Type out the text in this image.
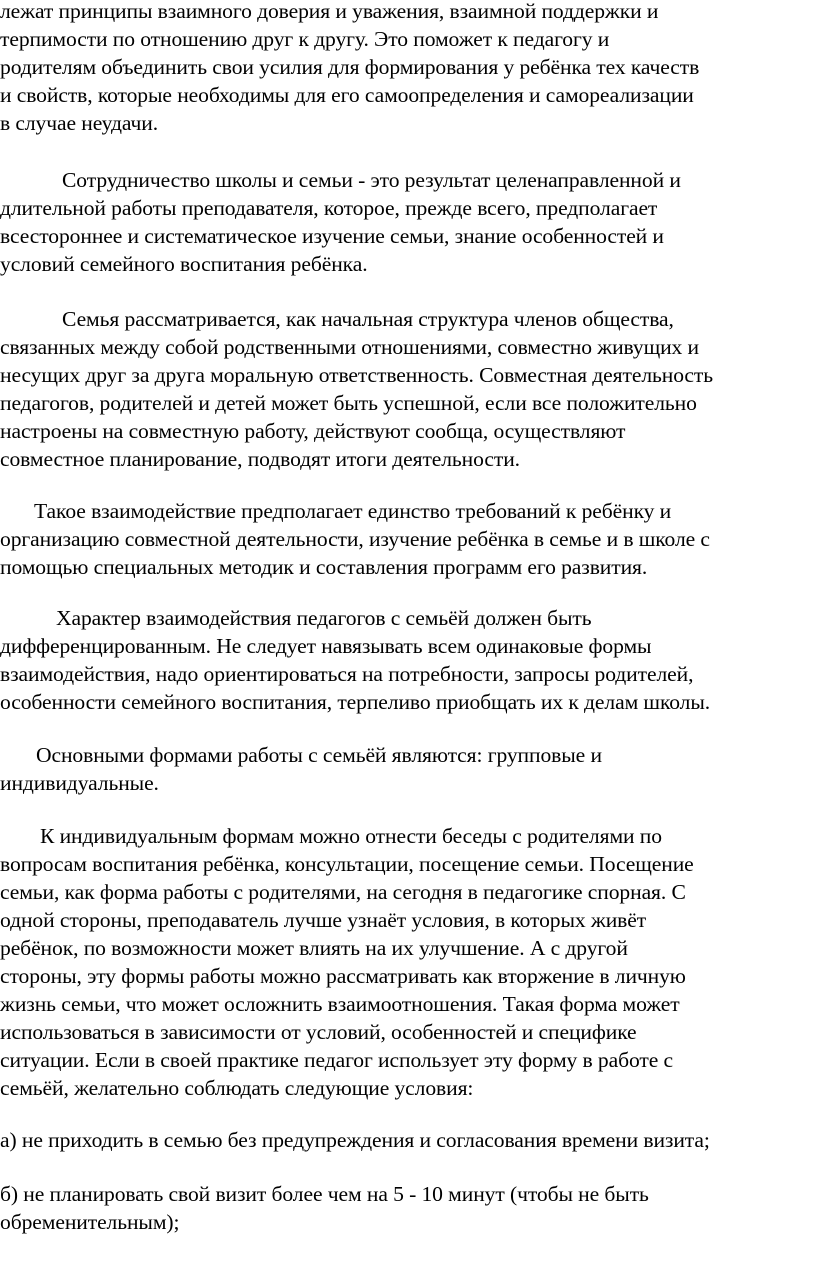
лежат принципы взаимного доверия и уважения, взаимной поддержки и
терпимости по отношению друг к другу. Это поможет к педагогу и
родителям объединить свои усилия для формирования у ребёнка тех качеств
и свойств, которые необходимы для его самоопределения и самореализации
в случае неудачи.
Сотрудничество школы и семьи - это результат целенаправленной и
длительной работы преподавателя, которое, прежде всего, предполагает
всестороннее и систематическое изучение семьи, знание особенностей и
условий семейного воспитания ребёнка.
Семья рассматривается, как начальная структура членов общества,
связанных между собой родственными отношениями, совместно живущих и
несущих друг за друга моральную ответственность. Совместная деятельность
педагогов, родителей и детей может быть успешной, если все положительно
настроены на совместную работу, действуют сообща, осуществляют
совместное планирование, подводят итоги деятельности.
Такое взаимодействие предполагает единство требований к ребёнку и
организацию совместной деятельности, изучение ребёнка в семье и в школе с
помощью специальных методик и составления программ его развития.
Характер взаимодействия педагогов с семьёй должен быть
дифференцированным. Не следует навязывать всем одинаковые формы
взаимодействия, надо ориентироваться на потребности, запросы родителей,
особенности семейного воспитания, терпеливо приобщать их к делам школы.
Основными формами работы с семьёй являются: групповые и
индивидуальные.
К индивидуальным формам можно отнести беседы с родителями по
вопросам воспитания ребёнка, консультации, посещение семьи. Посещение
семьи, как форма работы с родителями, на сегодня в педагогике спорная. С
одной стороны, преподаватель лучше узнаёт условия, в которых живёт
ребёнок, по возможности может влиять на их улучшение. А с другой
стороны, эту формы работы можно рассматривать как вторжение в личную
жизнь семьи, что может осложнить взаимоотношения. Такая форма может
использоваться в зависимости от условий, особенностей и специфике
ситуации. Если в своей практике педагог использует эту форму в работе с
семьёй, желательно соблюдать следующие условия:
а) не приходить в семью без предупреждения и согласования времени визита;
б) не планировать свой визит более чем на 5 - 10 минут (чтобы не быть
обременительным);
